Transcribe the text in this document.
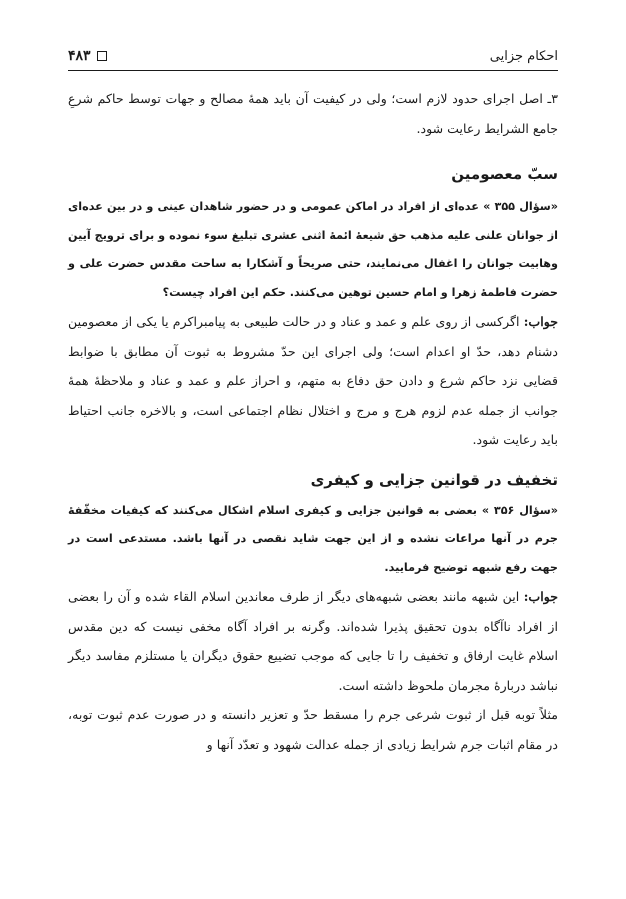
احکام جزایی
۴۸۳

۳ـ اصل اجرای حدود لازم است؛ ولی در کیفیت آن باید همهٔ مصالح و جهات توسط حاکم شرعِ جامع الشرایط رعایت شود.

سبّ معصومین

«سؤال ۳۵۵ » عده‌ای از افراد در اماکن عمومی و در حضور شاهدان عینی و در بین عده‌ای از جوانان علنی علیه مذهب حق شیعهٔ ائمهٔ اثنی عشری تبلیغ سوء نموده و برای ترویج آیین وهابیت جوانان را اغفال می‌نمایند، حتی صریحاً و آشکارا به ساحت مقدس حضرت علی و حضرت فاطمهٔ زهرا و امام حسین توهین می‌کنند. حکم این افراد چیست؟

جواب: اگرکسی از روی علم و عمد و عناد و در حالت طبیعی به پیامبراکرم یا یکی از معصومین دشنام دهد، حدّ او اعدام است؛ ولی اجرای این حدّ مشروط به ثبوت آن مطابق با ضوابط قضایی نزد حاکم شرع و دادن حق دفاع به متهم، و احراز علم و عمد و عناد و ملاحظهٔ همهٔ جوانب از جمله عدم لزوم هرج و مرج و اختلال نظام اجتماعی است، و بالاخره جانب احتیاط باید رعایت شود.

تخفیف در قوانین جزایی و کیفری

«سؤال ۳۵۶ » بعضی به قوانین جزایی و کیفری اسلام اشکال می‌کنند که کیفیات مخفّفهٔ جرم در آنها مراعات نشده و از این جهت شاید نقصی در آنها باشد. مستدعی است در جهت رفع شبهه توضیح فرمایید.

جواب: این شبهه مانند بعضی شبهه‌های دیگر از طرف معاندین اسلام القاء شده و آن را بعضی از افراد ناآگاه بدون تحقیق پذیرا شده‌اند. وگرنه بر افراد آگاه مخفی نیست که دین مقدس اسلام غایت ارفاق و تخفیف را تا جایی که موجب تضییع حقوق دیگران یا مستلزم مفاسد دیگر نباشد دربارهٔ مجرمان ملحوظ داشته است.

مثلاً توبه قبل از ثبوت شرعی جرم را مسقط حدّ و تعزیر دانسته و در صورت عدم ثبوت توبه، در مقام اثبات جرم شرایط زیادی از جمله عدالت شهود و تعدّد آنها و
